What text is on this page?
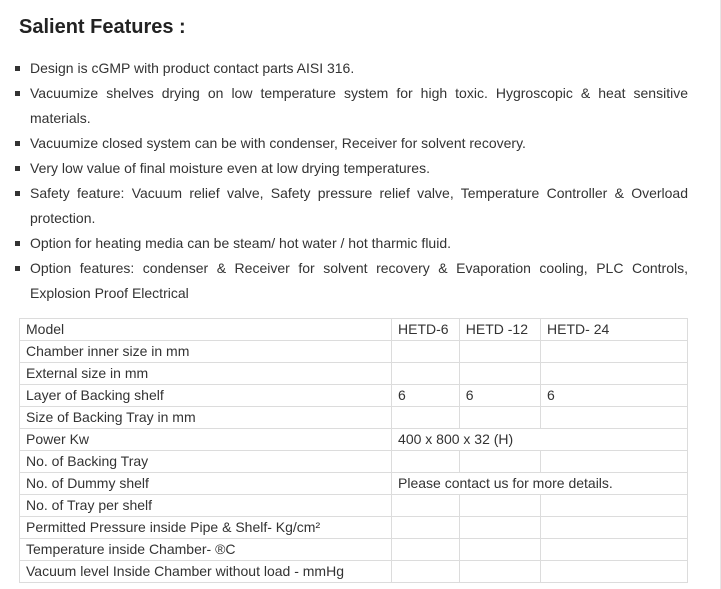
Salient Features :
Design is cGMP with product contact parts AISI 316.
Vacuumize shelves drying on low temperature system for high toxic. Hygroscopic & heat sensitive materials.
Vacuumize closed system can be with condenser, Receiver for solvent recovery.
Very low value of final moisture even at low drying temperatures.
Safety feature: Vacuum relief valve, Safety pressure relief valve, Temperature Controller & Overload protection.
Option for heating media can be steam/ hot water / hot tharmic fluid.
Option features: condenser & Receiver for solvent recovery & Evaporation cooling, PLC Controls, Explosion Proof Electrical
Model	HETD-6	HETD -12	HETD- 24
Chamber inner size in mm			
External size in mm			
Layer of Backing shelf	6	6	6
Size of Backing Tray in mm			
Power Kw	400 x 800 x 32 (H)		
No. of Backing Tray			
No. of Dummy shelf	Please contact us for more details.		
No. of Tray per shelf			
Permitted Pressure inside Pipe & Shelf- Kg/cm²			
Temperature inside Chamber- ®C			
Vacuum level Inside Chamber without load - mmHg			
